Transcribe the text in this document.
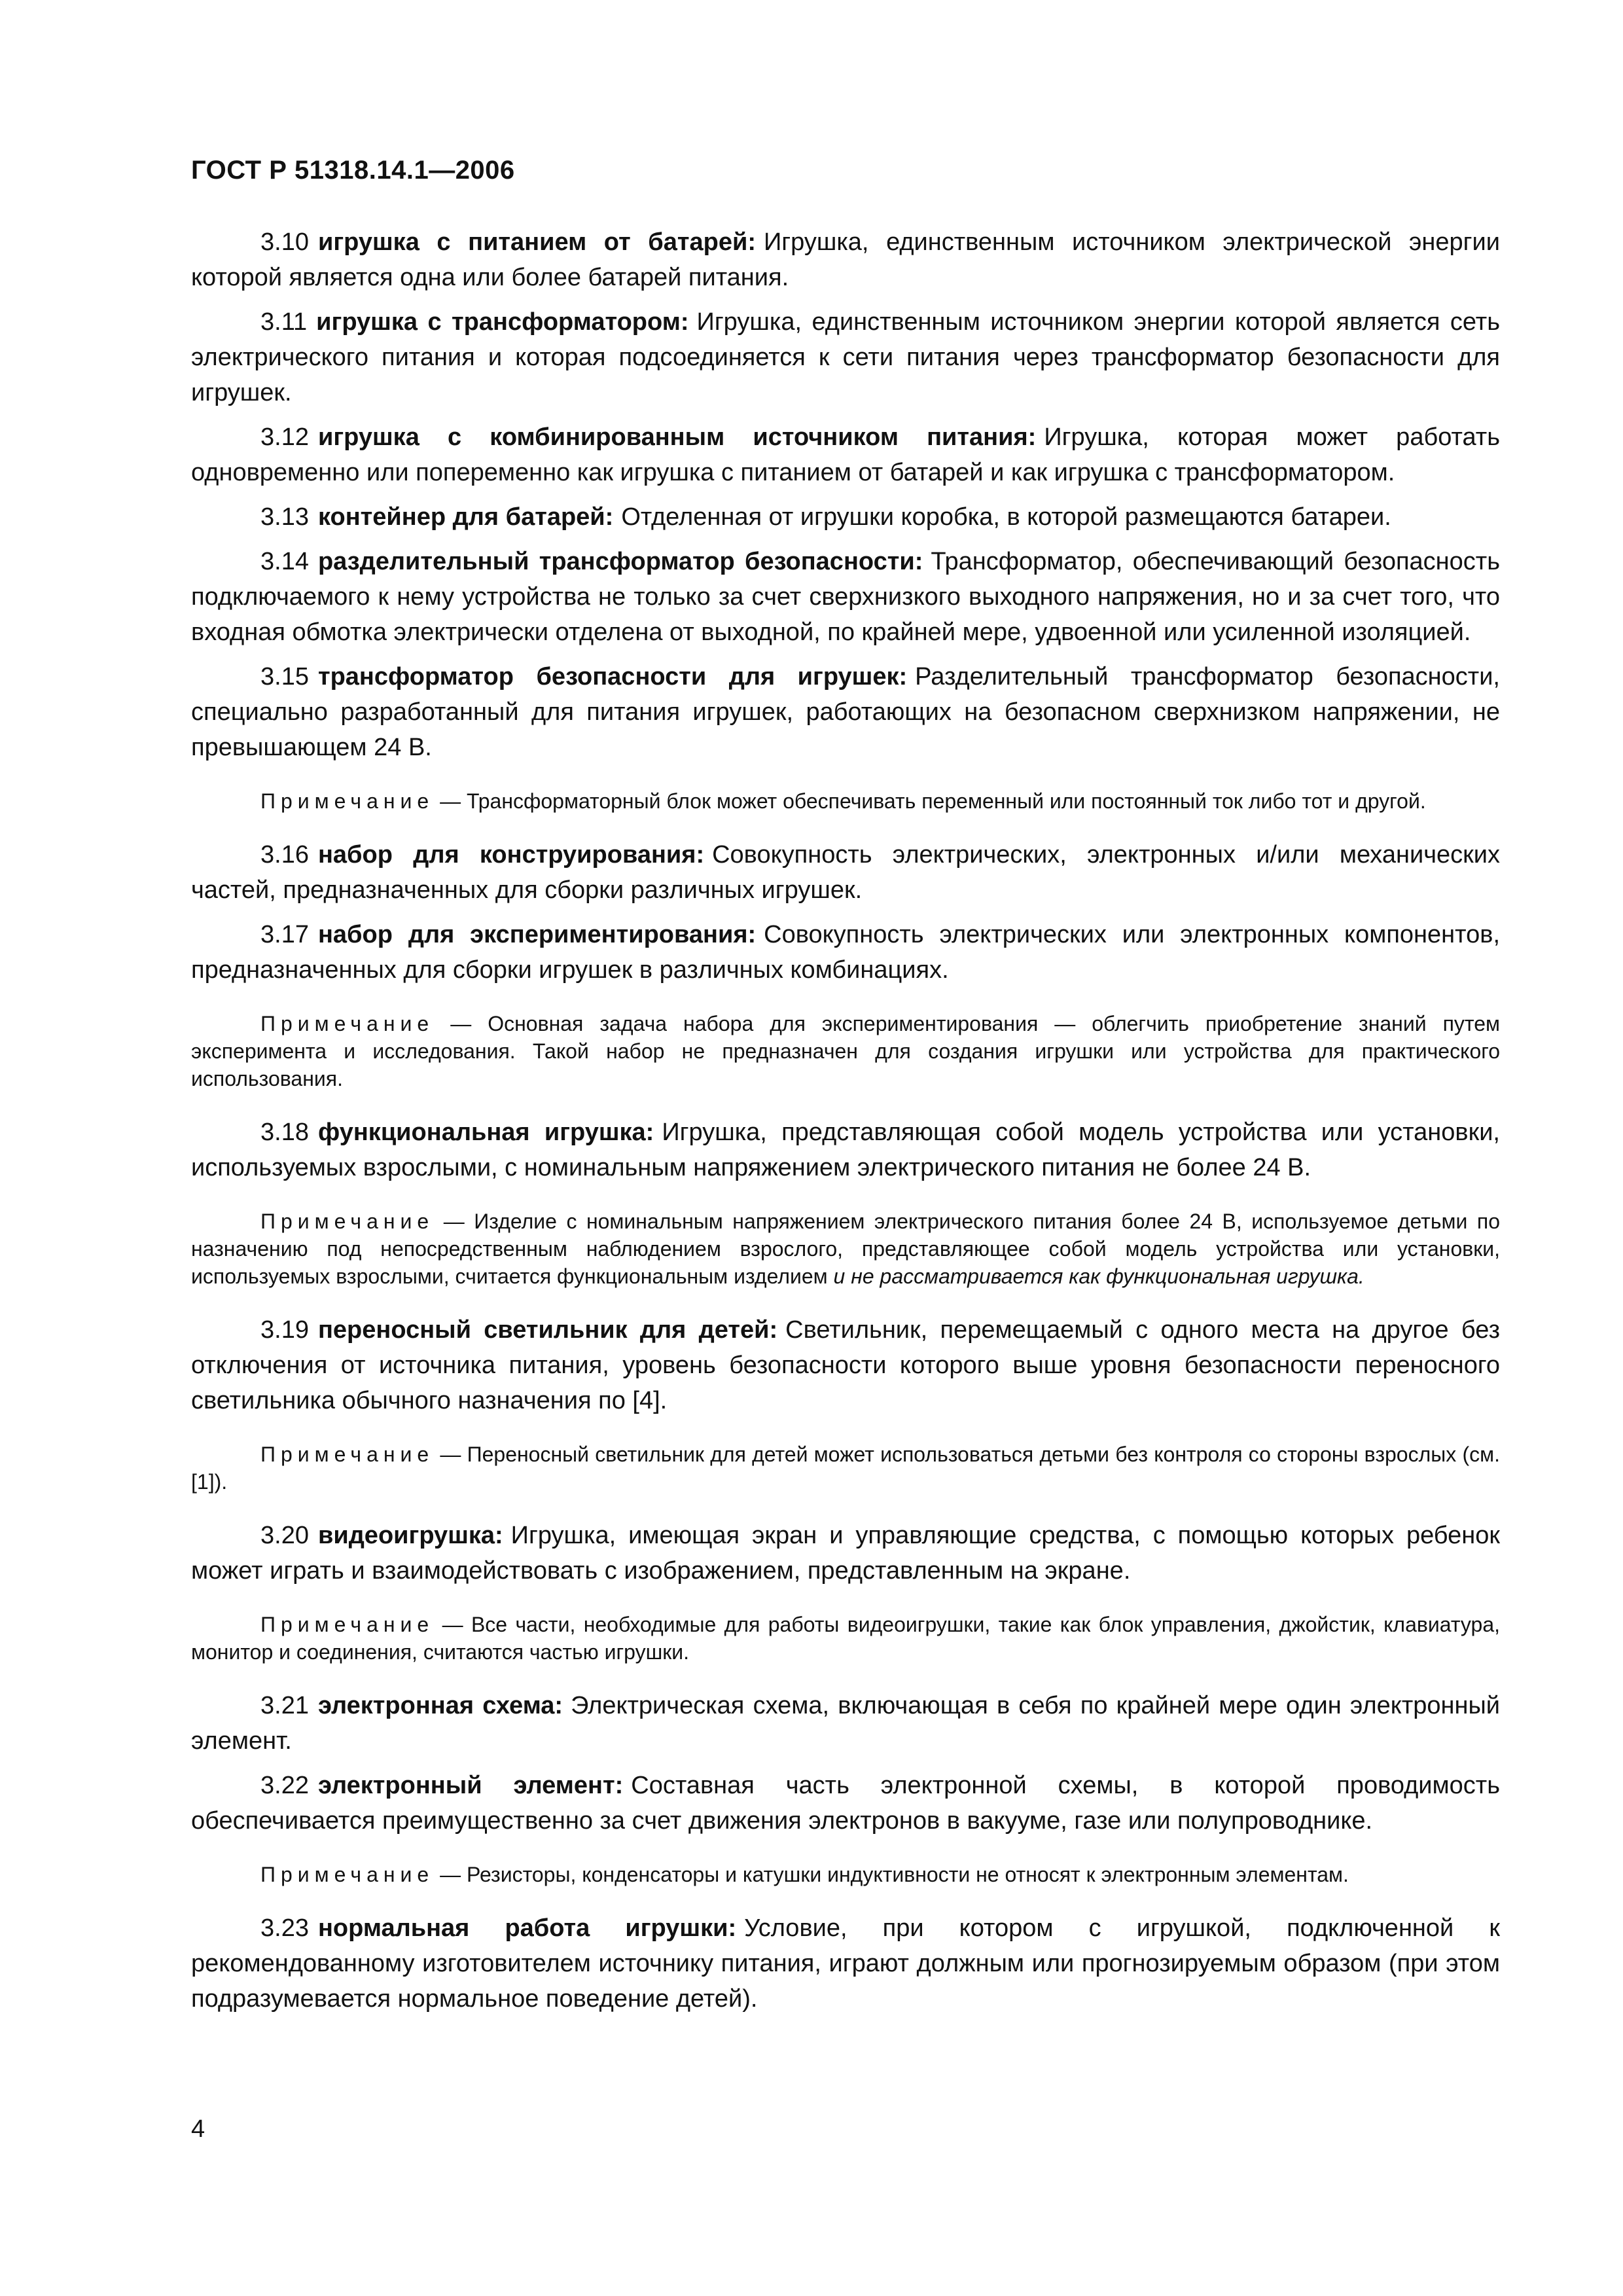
ГОСТ Р 51318.14.1—2006

3.10 игрушка с питанием от батарей: Игрушка, единственным источником электрической энергии которой является одна или более батарей питания.

3.11 игрушка с трансформатором: Игрушка, единственным источником энергии которой является сеть электрического питания и которая подсоединяется к сети питания через трансформатор безопасности для игрушек.

3.12 игрушка с комбинированным источником питания: Игрушка, которая может работать одновременно или попеременно как игрушка с питанием от батарей и как игрушка с трансформатором.

3.13 контейнер для батарей: Отделенная от игрушки коробка, в которой размещаются батареи.

3.14 разделительный трансформатор безопасности: Трансформатор, обеспечивающий безопасность подключаемого к нему устройства не только за счет сверхнизкого выходного напряжения, но и за счет того, что входная обмотка электрически отделена от выходной, по крайней мере, удвоенной или усиленной изоляцией.

3.15 трансформатор безопасности для игрушек: Разделительный трансформатор безопасности, специально разработанный для питания игрушек, работающих на безопасном сверхнизком напряжении, не превышающем 24 В.

Примечание — Трансформаторный блок может обеспечивать переменный или постоянный ток либо тот и другой.

3.16 набор для конструирования: Совокупность электрических, электронных и/или механических частей, предназначенных для сборки различных игрушек.

3.17 набор для экспериментирования: Совокупность электрических или электронных компонентов, предназначенных для сборки игрушек в различных комбинациях.

Примечание — Основная задача набора для экспериментирования — облегчить приобретение знаний путем эксперимента и исследования. Такой набор не предназначен для создания игрушки или устройства для практического использования.

3.18 функциональная игрушка: Игрушка, представляющая собой модель устройства или установки, используемых взрослыми, с номинальным напряжением электрического питания не более 24 В.

Примечание — Изделие с номинальным напряжением электрического питания более 24 В, используемое детьми по назначению под непосредственным наблюдением взрослого, представляющее собой модель устройства или установки, используемых взрослыми, считается функциональным изделием и не рассматривается как функциональная игрушка.

3.19 переносный светильник для детей: Светильник, перемещаемый с одного места на другое без отключения от источника питания, уровень безопасности которого выше уровня безопасности переносного светильника обычного назначения по [4].

Примечание — Переносный светильник для детей может использоваться детьми без контроля со стороны взрослых (см. [1]).

3.20 видеоигрушка: Игрушка, имеющая экран и управляющие средства, с помощью которых ребенок может играть и взаимодействовать с изображением, представленным на экране.

Примечание — Все части, необходимые для работы видеоигрушки, такие как блок управления, джойстик, клавиатура, монитор и соединения, считаются частью игрушки.

3.21 электронная схема: Электрическая схема, включающая в себя по крайней мере один электронный элемент.

3.22 электронный элемент: Составная часть электронной схемы, в которой проводимость обеспечивается преимущественно за счет движения электронов в вакууме, газе или полупроводнике.

Примечание — Резисторы, конденсаторы и катушки индуктивности не относят к электронным элементам.

3.23 нормальная работа игрушки: Условие, при котором с игрушкой, подключенной к рекомендованному изготовителем источнику питания, играют должным или прогнозируемым образом (при этом подразумевается нормальное поведение детей).

4
